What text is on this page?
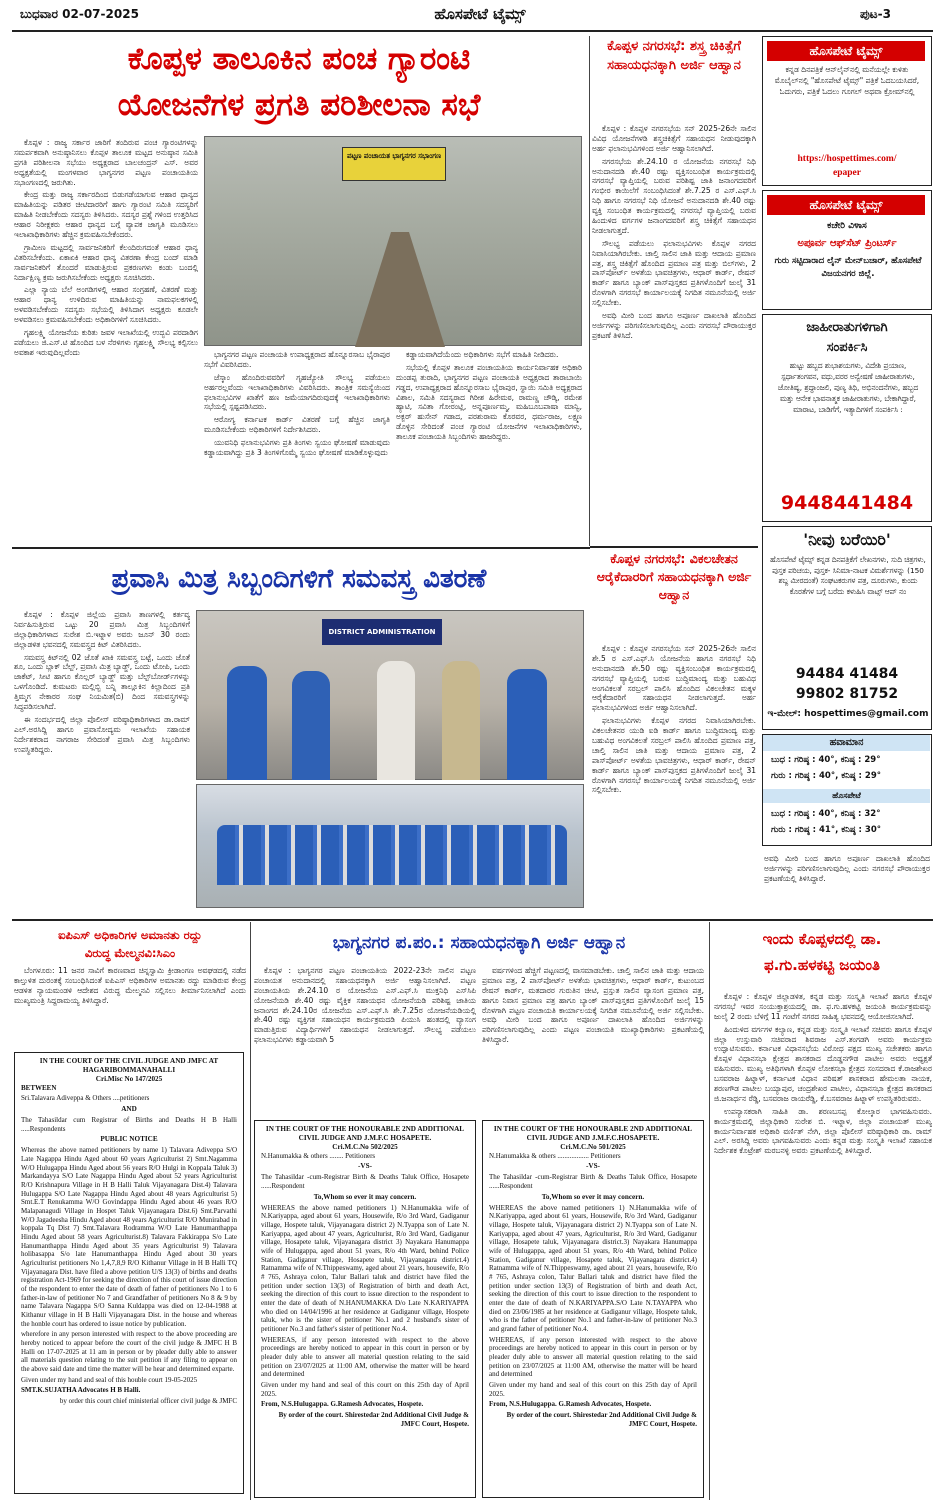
ಬುಧವಾರ 02-07-2025	ಹೊಸಪೇಟೆ ಟೈಮ್ಸ್	ಪುಟ-3
ಕೊಪ್ಪಳ ತಾಲೂಕಿನ ಪಂಚ ಗ್ಯಾರಂಟಿ
ಯೋಜನೆಗಳ ಪ್ರಗತಿ ಪರಿಶೀಲನಾ ಸಭೆ

ಕೊಪ್ಪಳ : ರಾಜ್ಯ ಸರ್ಕಾರ ಜಾರಿಗೆ ತಂದಿರುವ ಪಂಚ ಗ್ಯಾರಂಟಿಗಳನ್ನು ಸಮರ್ಪಕವಾಗಿ ಅನುಷ್ಠಾನಿಸಲು ಕೊಪ್ಪಳ ತಾಲೂಕ ಮಟ್ಟದ ಅನುಷ್ಠಾನ ಸಮಿತಿ ಪ್ರಗತಿ ಪರಿಶೀಲನಾ ಸಭೆಯು ಅಧ್ಯಕ್ಷರಾದ ಬಾಲಚಂದ್ರನ್ ಎಸ್. ಅವರ ಅಧ್ಯಕ್ಷತೆಯಲ್ಲಿ ಮಂಗಳವಾರ ಭಾಗ್ಯನಗರ ಪಟ್ಟಣ ಪಂಚಾಯತಿಯ ಸಭಾಂಗಣದಲ್ಲಿ ಜರುಗಿತು.

ಕೇಂದ್ರ ಮತ್ತು ರಾಜ್ಯ ಸರ್ಕಾರದಿಂದ ಬಿಡುಗಡೆಯಾಗುವ ಆಹಾರ ಧಾನ್ಯದ ಮಾಹಿತಿಯನ್ನು ಪಡಿತರ ಚೀಟಿದಾರರಿಗೆ ಹಾಗು ಗ್ಯಾರಂಟಿ ಸಮಿತಿ ಸದಸ್ಯರಿಗೆ ಮಾಹಿತಿ ನೀಡಬೇಕೆಂದು ಸದಸ್ಯರು ತಿಳಿಸಿದರು. ಸದಸ್ಯರ ಪ್ರಶ್ನೆ ಗಳಿಂದ ಉತ್ತರಿಸಿದ ಆಹಾರ ನಿರೀಕ್ಷಕರು ಆಹಾರ ಧಾನ್ಯದ ಬಗ್ಗೆ ವ್ಯಾಪಕ ಜಾಗೃತಿ ಮೂಡಿಸಲು ಇಲಾಖಾಧಿಕಾರಿಗಳು ಹೆಚ್ಚಿನ ಕ್ರಮವಹಿಸಬೇಕೆಂದರು.

ಗ್ರಾಮೀಣ ಮಟ್ಟದಲ್ಲಿ ಸಾರ್ವಜನಿಕರಿಗೆ ಕೆಲಂದಿರುಗದಂತೆ ಆಹಾರ ಧಾನ್ಯ ವಿತರಿಸಬೇಕೆಂದು. ಏಕಾಏಕಿ ಆಹಾರ ಧಾನ್ಯ ವಿತರಣಾ ಕೇಂದ್ರ ಬಂದ್ ಮಾಡಿ ಸಾರ್ವಜನಿಕರಿಗೆ ತೊಂದರೆ ಮಾಡುತ್ತಿರುವ ಪ್ರಕರಣಗಳು ಕಂಡು ಬಂದಲ್ಲಿ ನಿರ್ದಾಕ್ಷಿಣ್ಯ ಕ್ರಮ ಜರುಗಿಸಬೇಕೆಂದು ಅಧ್ಯಕ್ಷರು ಸೂಚಿಸಿದರು.

ಎಲ್ಲಾ ನ್ಯಾಯ ಬೆಲೆ ಅಂಗಡಿಗಳಲ್ಲಿ ಆಹಾರ ಸಂಗ್ರಹಣೆ, ವಿತರಣೆ ಮತ್ತು ಆಹಾರ ಧಾನ್ಯ ಉಳಿದಿರುವ ಮಾಹಿತಿಯನ್ನು ನಾಮಫಲಕಗಳಲ್ಲಿ ಅಳವಡಿಸಬೇಕೆಂದು ಸದಸ್ಯರು ಸಭೆಯಲ್ಲಿ ತಿಳಿಸಿದಾಗ ಅಧ್ಯಕ್ಷರು ಕೂಡಲೇ ಅಳವಡಿಸಲು ಕ್ರಮವಹಿಸಬೇಕೆಂದು ಅಧಿಕಾರಿಗಳಿಗೆ ಸೂಚಿಸಿದರು.

ಗೃಹಲಕ್ಷ್ಮಿ ಯೋಜನೆಯ ಕುರಿತು ಜವಳ ಇಲಾಖೆಯಲ್ಲಿ ಉದ್ಭವಿ ಪರದಾಡಿಗ ಪಡೆಯಲು ಜಿ.ಎಸ್.ಟಿ ಹೊಂದಿದ ಬಳ ನೆರಳಿಗಳು ಗೃಹಲಕ್ಷ್ಮಿ ಸೌಲಭ್ಯ ಕಲ್ಪಿಸಲು ಅವಕಾಶ ಇರುವುದಿಲ್ಲವೆಂದು

ಪಟ್ಟಣ ಪಂಚಾಯತ ಭಾಗ್ಯನಗರ ಸಭಾಂಗಣ

ಭಾಗ್ಯನಗರ ಪಟ್ಟಣ ಪಂಚಾಯತಿ ಉಪಾಧ್ಯಕ್ಷರಾದ ಹೊನ್ನೂರಸಾಬ ಭೈರಾಪುರ ಸಭೆಗೆ ವಿವರಿಸಿದರು.

ಜೆಸ್ಕಾಂ ಹೊಂದಿರುವವರಿಗೆ ಗೃಹಜ್ಯೋತಿ ಸೌಲಭ್ಯ ಪಡೆಯಲು ಅರ್ಹರಲ್ಲವೆಂದು ಇಲಾಖಾಧಿಕಾರಿಗಳು ವಿವರಿಸಿದರು. ತಾಂತ್ರಿಕ ಸಮಸ್ಯೆಯಿಂದ ಫಲಾನುಭವಿಗಳ ಖಾತೆಗೆ ಹಣ ಜಮೆಯಾಗದಿರುವುದಕ್ಕೆ ಇಲಾಖಾಧಿಕಾರಿಗಳು ಸಭೆಯಲ್ಲಿ ಸ್ಪಷ್ಟಪಡಿಸಿದರು.

ಆರೋಗ್ಯ ಕರ್ನಾಟಕ ಕಾರ್ಡ್ ವಿತರಣೆ ಬಗ್ಗೆ ಹೆಚ್ಚಿನ ಜಾಗೃತಿ ಮೂಡಿಸಬೇಕೆಂದು ಅಧಿಕಾರಿಗಳಿಗೆ ನಿರ್ದೇಶಿಸಿದರು.

ಯುವನಿಧಿ ಫಲಾನುಭವಿಗಳು ಪ್ರತಿ ತಿಂಗಳು ಸ್ವಯಂ ಘೋಷಣೆ ಮಾಡುವುದು ಕಡ್ಡಾಯವಾಗಿದ್ದು ಪ್ರತಿ 3 ತಿಂಗಳಿಗೊಮ್ಮೆ ಸ್ವಯಂ ಘೋಷಣೆ ಮಾಡಿಕೊಳ್ಳುವುದು

ಕಡ್ಡಾಯವಾಗಿದೆಯೆಂದು ಅಧಿಕಾರಿಗಳು ಸಭೆಗೆ ಮಾಹಿತಿ ನೀಡಿದರು.

ಸಭೆಯಲ್ಲಿ ಕೊಪ್ಪಳ ತಾಲೂಕ ಪಂಚಾಯತಿಯ ಕಾರ್ಯನಿರ್ವಾಹಕ ಅಧಿಕಾರಿ ದುಂಡಪ್ಪ ತುರಾದಿ, ಭಾಗ್ಯನಗರ ಪಟ್ಟಣ ಪಂಚಾಯತಿ ಅಧ್ಯಕ್ಷರಾದ ತಾರಾಬಾಯಿ ಗಡ್ಡದ, ಉಪಾಧ್ಯಕ್ಷರಾದ ಹೊನ್ನೂರಸಾಬ ಭೈರಾಪುರ, ಸ್ಥಾಯಿ ಸಮಿತಿ ಅಧ್ಯಕ್ಷರಾದ ವಿಶಾಲ, ಸಮಿತಿ ಸದಸ್ಯರಾದ ಗಿರೀಶ ಹಿರೇಮಠ, ರಾಮಣ್ಣ ಚೌಡ್ಕಿ, ರಮೇಶ ಹ್ಯಾಟಿ, ಸವಿತಾ ಗೋರಂಟ್ಲಿ, ಅನ್ನಪೂರ್ಣಮ್ಮ, ಮಹಿಬೂಬಪಾಷಾ ಮಾನ್ವಿ, ಅಕ್ಬರ್ ಹುಸೇನ್ ಗಡಾದ, ಪರಶುರಾಮ ಕೊರವರ, ಧರ್ಮರಾಜ, ಲಕ್ಷ್ಮಣ ಡೊಳ್ಳಿನ ಸೇರಿದಂತೆ ಪಂಚ ಗ್ಯಾರಂಟಿ ಯೋಜನೆಗಳ ಇಲಾಖಾಧಿಕಾರಿಗಳು, ತಾಲೂಕ ಪಂಚಾಯತಿ ಸಿಬ್ಬಂದಿಗಳು ಹಾಜರಿದ್ದರು.

ಕೊಪ್ಪಳ ನಗರಸಭೆ: ಶಸ್ತ್ರ ಚಿಕಿತ್ಸೆಗೆ ಸಹಾಯಧನಕ್ಕಾಗಿ ಅರ್ಜಿ ಆಹ್ವಾನ

ಕೊಪ್ಪಳ : ಕೊಪ್ಪಳ ನಗರಸಭೆಯ ಸನ್ 2025-26ನೇ ಸಾಲಿನ ವಿವಿಧ ಯೋಜನೆಗಳಡಿ ಶಸ್ತ್ರಚಿಕಿತ್ಸೆಗೆ ಸಹಾಯಧನ ನೀಡುವುದಕ್ಕಾಗಿ ಅರ್ಹ ಫಲಾನುಭವಿಗಳಿಂದ ಅರ್ಜಿ ಆಹ್ವಾನಿಸಲಾಗಿದೆ.

ನಗರಸಭೆಯ ಶೇ.24.10 ರ ಯೋಜನೆಯ ನಗರಸಭೆ ನಿಧಿ ಅನುದಾನದಡಿ ಶೇ.40 ರಷ್ಟು ವ್ಯಕ್ತಿಸಂಬಂಧಿತ ಕಾರ್ಯಕ್ರಮದಲ್ಲಿ ನಗರಸಭೆ ವ್ಯಾಪ್ತಿಯಲ್ಲಿ ಬರುವ ಪರಿಶಿಷ್ಟ ಜಾತಿ ಜನಾಂಗದವರಿಗೆ ಗಂಭೀರ ಕಾಯಿಲೆಗೆ ಸಂಬಂಧಿಸಿದಂತೆ ಶೇ.7.25 ರ ಎಸ್.ಎಫ್.ಸಿ ನಿಧಿ ಹಾಗೂ ನಗರಸಭೆ ನಿಧಿ ಯೋಜನೆ ಅನುದಾನದಡಿ ಶೇ.40 ರಷ್ಟು ವ್ಯಕ್ತಿ ಸಂಬಂಧಿತ ಕಾರ್ಯಕ್ರಮದಲ್ಲಿ ನಗರಸಭೆ ವ್ಯಾಪ್ತಿಯಲ್ಲಿ ಬರುವ ಹಿಂದುಳಿದ ವರ್ಗಗಳ ಜನಾಂಗದವರಿಗೆ ಶಸ್ತ್ರ ಚಿಕಿತ್ಸೆಗೆ ಸಹಾಯಧನ ನೀಡಲಾಗುತ್ತದೆ.

ಸೌಲಭ್ಯ ಪಡೆಯಲು ಫಲಾನುಭವಿಗಳು ಕೊಪ್ಪಳ ನಗರದ ನಿವಾಸಿಯಾಗಿರಬೇಕು. ಚಾಲ್ತಿ ಸಾಲಿನ ಜಾತಿ ಮತ್ತು ಆದಾಯ ಪ್ರಮಾಣ ಪತ್ರ, ಶಸ್ತ್ರ ಚಿಕಿತ್ಸೆಗೆ ಹೊಂದಿದ ಪ್ರಮಾಣ ಪತ್ರ ಮತ್ತು ಬಿಲ್‌ಗಳು, 2 ಪಾಸ್‌ಪೋರ್ಟ್ ಅಳತೆಯ ಭಾವಚಿತ್ರಗಳು, ಆಧಾರ್ ಕಾರ್ಡ್, ರೇಷನ್ ಕಾರ್ಡ್ ಹಾಗೂ ಬ್ಯಾಂಕ್ ಪಾಸ್‌ಪುಸ್ತಕದ ಪ್ರತಿಗಳೊಂದಿಗೆ ಜುಲೈ 31 ರೊಳಗಾಗಿ ನಗರಸಭೆ ಕಾರ್ಯಾಲಯಕ್ಕೆ ನಿಗದಿತ ನಮೂನೆಯಲ್ಲಿ ಅರ್ಜಿ ಸಲ್ಲಿಸಬೇಕು.

ಅವಧಿ ಮೀರಿ ಬಂದ ಹಾಗೂ ಅಪೂರ್ಣ ದಾಖಲಾತಿ ಹೊಂದಿದ ಅರ್ಜಿಗಳನ್ನು ಪರಿಗಣಿಸಲಾಗುವುದಿಲ್ಲ ಎಂದು ನಗರಸಭೆ ಪೌರಾಯುಕ್ತರ ಪ್ರಕಟಣೆ ತಿಳಿಸಿದೆ.

ಹೊಸಪೇಟೆ ಟೈಮ್ಸ್
ಕನ್ನಡ ದಿನಪತ್ರಿಕೆ ಆನ್‌ಲೈನ್‌ನಲ್ಲಿ ಮನೆಯಲ್ಲೇ ಕುಳಿತು ಮೊಬೈಲ್‌ನಲ್ಲಿ "ಹೊಸಪೇಟೆ ಟೈಮ್ಸ್" ಪತ್ರಿಕೆ ಓದಬಯಸಿದರೆ, ಓದುಗರು, ಪತ್ರಿಕೆ ಓದಲು ಗೂಗಲ್ ಅಥವಾ ಕ್ರೋಮ್‌ನಲ್ಲಿ
https://hospettimes.com/
epaper
ಹೊಸಪೇಟೆ ಟೈಮ್ಸ್
ಕಚೇರಿ ವಿಳಾಸ
ಅಪೂರ್ವ ಆಫ್‌ಸೆಟ್ ಪ್ರಿಂಟರ್ಸ್
ಗುರು ಸಟ್ಟಿದಾರಾದ ಲೈನ್ ಮೇನ್‌ಬಜಾರ್, ಹೊಸಪೇಟೆ ವಿಜಯನಗರ ಜಿಲ್ಲೆ.
ಜಾಹೀರಾತುಗಳಿಗಾಗಿ
ಸಂಪರ್ಕಿಸಿ
ಹುಟ್ಟು ಹಬ್ಬದ ಶುಭಾಶಯಗಳು, ವಿದೇಶಿ ಪ್ರಯಾಣ, ಸ್ಪರ್ಧಾತಂಗವನ, ವಧು,ವರರ ಅನ್ವೇಷಣೆ ಜಾಹೀರಾತುಗಳು, ಜೋತಿಷ್ಯ, ಶ್ರದ್ಧಾಂಜಲಿ, ಪುಣ್ಯ ತಿಥಿ, ಅಭಿನಂದನೆಗಳು, ಹಬ್ಬದ ಮತ್ತು ಆನೇಕ ಭಾವನಾತ್ಮಕ ಜಾಹೀರಾತುಗಳು, ಬೇಕಾಗಿದ್ದಾರೆ, ಮಾರಾಟ, ಬಾಡಿಗೆಗೆ, ಇತ್ಯಾದಿಗಳಿಗೆ ಸಂಪರ್ಕಿಸಿ :
9448441484
'ನೀವು ಬರೆಯಿರಿ'
ಹೊಸಪೇಟೆ ಟೈಮ್ಸ್ ಕನ್ನಡ ದಿನಪತ್ರಿಕೆಗೆ ಲೇಖನಗಳು, ಸುದಿ ಚಿತ್ರಗಳು, ಪುಸ್ತಕ ಪರಿಚಯ, ಪುಸ್ತಕ- ಸಿನಿಮಾ-ನಾಟಕ ವಿಮರ್ಶೆಗಳನ್ನು (150 ಶಬ್ದ ಮೀರದಂತೆ) ಸಂಘಟಕರುಗಳ ಪತ್ರ, ದೂರುಗಳು, ಕುಂದು ಕೊರತೆಗಳ ಬಗ್ಗೆ ಬರೆದು ಕಳುಹಿಸಿ ವಾಟ್ಸ್ ಆಪ್ ನಂ
94484 41484
99802 81752
ಇ-ಮೇಲ್: hospettimes@gmail.com
ಹವಾಮಾನ
ಬುಧ : ಗರಿಷ್ಠ : 40°, ಕನಿಷ್ಠ : 29°
ಗುರು : ಗರಿಷ್ಠ : 40°, ಕನಿಷ್ಠ : 29°
ಹೊಸಪೇಟೆ
ಬುಧ : ಗರಿಷ್ಠ : 40°, ಕನಿಷ್ಠ : 32°
ಗುರು : ಗರಿಷ್ಠ : 41°, ಕನಿಷ್ಠ : 30°
ಅವಧಿ ಮೀರಿ ಬಂದ ಹಾಗೂ ಅಪೂರ್ಣ ದಾಖಲಾತಿ ಹೊಂದಿದ ಅರ್ಜಿಗಳನ್ನು ಪರಿಗಣಿಸಲಾಗುವುದಿಲ್ಲ ಎಂದು ನಗರಸಭೆ ಪೌರಾಯುಕ್ತರ ಪ್ರಕಟಣೆಯಲ್ಲಿ ತಿಳಿಸಿದ್ದಾರೆ.
ಕೊಪ್ಪಳ ನಗರಸಭೆ: ವಿಕಲಚೇತನ ಆರೈಕೆದಾರರಿಗೆ ಸಹಾಯಧನಕ್ಕಾಗಿ ಅರ್ಜಿ ಆಹ್ವಾನ

ಕೊಪ್ಪಳ : ಕೊಪ್ಪಳ ನಗರಸಭೆಯ ಸನ್ 2025-26ನೇ ಸಾಲಿನ ಶೇ.5 ರ ಎಸ್.ಎಫ್.ಸಿ ಯೋಜನೆಯ ಹಾಗೂ ನಗರಸಭೆ ನಿಧಿ ಅನುದಾನದಡಿ ಶೇ.50 ರಷ್ಟು ವ್ಯಕ್ತಿಸಂಬಂಧಿತ ಕಾರ್ಯಕ್ರಮದಲ್ಲಿ ನಗರಸಭೆ ವ್ಯಾಪ್ತಿಯಲ್ಲಿ ಬರುವ ಬುದ್ಧಿಮಾಂದ್ಯ ಮತ್ತು ಬಹುವಿಧ ಅಂಗವಿಕಲತೆ ಸರಬ್ರಲ್ ಪಾಲಿಸಿ ಹೊಂದಿದ ವಿಕಲಚೇತನ ಮಕ್ಕಳ ಆರೈಕೆದಾರರಿಗೆ ಸಹಾಯಧನ ನೀಡಲಾಗುತ್ತದೆ. ಅರ್ಹ ಫಲಾನುಭವಿಗಳಿಂದ ಅರ್ಜಿ ಆಹ್ವಾನಿಸಲಾಗಿದೆ.

ಫಲಾನುಭವಿಗಳು ಕೊಪ್ಪಳ ನಗರದ ನಿವಾಸಿಯಾಗಿರಬೇಕು. ವಿಕಲಚೇತನರ ಯುಡಿ ಐಡಿ ಕಾರ್ಡ್ ಹಾಗೂ ಬುದ್ಧಿಮಾಂದ್ಯ ಮತ್ತು ಬಹುವಿಧ ಅಂಗವಿಕಲತೆ ಸರಬ್ರಲ್ ಪಾಲಿಸಿ ಹೊಂದಿದ ಪ್ರಮಾಣ ಪತ್ರ, ಚಾಲ್ತಿ ಸಾಲಿನ ಜಾತಿ ಮತ್ತು ಆದಾಯ ಪ್ರಮಾಣ ಪತ್ರ, 2 ಪಾಸ್‌ಪೋರ್ಟ್ ಅಳತೆಯ ಭಾವಚಿತ್ರಗಳು, ಆಧಾರ್ ಕಾರ್ಡ್, ರೇಷನ್ ಕಾರ್ಡ್ ಹಾಗೂ ಬ್ಯಾಂಕ್ ಪಾಸ್‌ಪುಸ್ತಕದ ಪ್ರತಿಗಳೊಂದಿಗೆ ಜುಲೈ 31 ರೊಳಗಾಗಿ ನಗರಸಭೆ ಕಾರ್ಯಾಲಯಕ್ಕೆ ನಿಗದಿತ ನಮೂನೆಯಲ್ಲಿ ಅರ್ಜಿ ಸಲ್ಲಿಸಬೇಕು.

ಪ್ರವಾಸಿ ಮಿತ್ರ ಸಿಬ್ಬಂದಿಗಳಿಗೆ ಸಮವಸ್ತ್ರ ವಿತರಣೆ

ಕೊಪ್ಪಳ : ಕೊಪ್ಪಳ ಜಿಲ್ಲೆಯ ಪ್ರವಾಸಿ ತಾಣಗಳಲ್ಲಿ ಕರ್ತವ್ಯ ನಿರ್ವಹಿಸುತ್ತಿರುವ ಒಟ್ಟು 20 ಪ್ರವಾಸಿ ಮಿತ್ರ ಸಿಬ್ಬಂದಿಗಳಿಗೆ ಜಿಲ್ಲಾಧಿಕಾರಿಗಳಾದ ಸುರೇಶ ಬಿ.ಇಟ್ನಾಳ ಅವರು ಜೂನ್ 30 ರಂದು ಜಿಲ್ಲಾಡಳಿತ ಭವನದಲ್ಲಿ ಸಮವಸ್ತ್ರದ ಕಿಟ್ ವಿತರಿಸಿದರು.

ಸಮವಸ್ತ್ರ ಕಿಟ್‌ನಲ್ಲಿ 02 ಜೊತೆ ಖಾಕಿ ಸಮವಸ್ತ್ರ ಬಟ್ಟೆ, ಒಂದು ಜೊತೆ ಶೂ, ಒಂದು ಬ್ಲಾಕ್ ಬೆಲ್ಟ್, ಪ್ರವಾಸಿ ಮಿತ್ರ ಬ್ಯಾಡ್ಜ್, ಒಂದು ಟೋಪಿ, ಒಂದು ಜಾಕೆಟ್, ಸೀಟಿ ಹಾಗೂ ಕೊಲ್ಲರ್ ಬ್ಯಾಡ್ಜ್ ಮತ್ತು ಬೆಲ್ಟ್‌ಬೋರ್ಡ್‌ಗಳನ್ನು ಒಳಗೊಂಡಿದೆ. ಕುಮಟರು ಮಲ್ಲಿಬ್ಬಿ ಬನ್ನಿ ತಾಲ್ಲೂಕಿನ ಕಿಲ್ಲಾದಿಂದ ಪ್ರತಿ ತ್ತಿಮ್ಮಗ ನೇಕಾರರ ಸಂಘ ನಿಯಮಿತ(ಬಿ) ದಿಂದ ಸಮವಸ್ತ್ರಗಳನ್ನು ಸಿದ್ಧಪಡಿಸಲಾಗಿದೆ.

ಈ ಸಂದರ್ಭದಲ್ಲಿ ಜಿಲ್ಲಾ ಪೊಲೀಸ್ ವರಿಷ್ಠಾಧಿಕಾರಿಗಳಾದ ಡಾ.ರಾಮ್ ಎಲ್.ಅರಸಿದ್ದಿ ಹಾಗೂ ಪ್ರವಾಸೋದ್ಯಮ ಇಲಾಖೆಯ ಸಹಾಯಕ ನಿರ್ದೇಶಕರಾದ ನಾಗರಾಜ ಸೇರಿದಂತೆ ಪ್ರವಾಸಿ ಮಿತ್ರ ಸಿಬ್ಬಂದಿಗಳು ಉಪಸ್ಥಿತರಿದ್ದರು.

DISTRICT ADMINISTRATION
ಐಪಿಎಸ್ ಅಧಿಕಾರಿಗಳ ಅಮಾನತು ರದ್ದು
ವಿರುದ್ಧ ಮೇಲ್ಮನವಿ:ಸಿಎಂ
ಬೆಂಗಳೂರು: 11 ಜನರ ಸಾವಿಗೆ ಕಾರಣವಾದ ಚಿನ್ನಸ್ವಾಮಿ ಕ್ರೀಡಾಂಗಣ ಅವಘಡದಲ್ಲಿ ನಡೆದ ಕಾಲ್ತುಳಿತ ದುರಂತಕ್ಕೆ ಸಂಬಂಧಿಸಿದಂತೆ ಐಪಿಎಸ್ ಅಧಿಕಾರಿಗಳ ಅಮಾನತು ರದ್ದು ಮಾಡಿರುವ ಕೇಂದ್ರ ಆಡಳಿತ ನ್ಯಾಯಮಂಡಳಿ ಆದೇಶದ ವಿರುದ್ಧ ಮೇಲ್ಮನವಿ ಸಲ್ಲಿಸಲು ತೀರ್ಮಾನಿಸಲಾಗಿದೆ ಎಂದು ಮುಖ್ಯಮಂತ್ರಿ ಸಿದ್ದರಾಮಯ್ಯ ತಿಳಿಸಿದ್ದಾರೆ.
IN THE COURT OF THE CIVIL JUDGE AND JMFC AT HAGARIBOMMANAHALLI
Cri.Misc No 147/2025

BETWEEN

Sri.Talavara Adiveppa & Others ....petitioners

AND

The Tahasildar cum Registrar of Births and Deaths H B Halli .....Respondents

PUBLIC NOTICE

Whereas the above named petitioners by name 1) Talavara Adiveppa S/O Late Nagappa Hindu Aged about 60 years Agriculturist 2) Smt.Nagamma W/O Hulugappa Hindu Aged about 56 years R/O Hulgi in Koppala Taluk 3) Markandayya S/O Late Nagappa Hindu Aged about 52 years Agriculturist R/O Krishnapura Village in H B Halli Taluk Vijayanagara Dist.4) Talavara Hulugappa S/O Late Nagappa Hindu Aged about 48 years Agriculturist 5) Smt.E.T Renukamma W/O Govindappa Hindu Aged about 46 years R/O Malapanagudi Village in Hospet Taluk Vijayanagara Dist.6) Smt.Parvathi W/O Jagadeesha Hindu Aged about 48 years Agriculturist R/O Munirabad in koppala Tq Dist 7) Smt.Talavara Rodramma W/O Late Hanumanthappa Hindu Aged about 58 years Agriculturist.8) Talavara Fakkirappa S/o Late Hanumanthappa Hindu Aged about 35 years Agriculturist 9) Talavara holibasappa S/o late Hanumanthappa Hindu Aged about 30 years Agriculturist petitioners No 1,4,7,8,9 R/O Kithanur Village in H B Halli TQ Vijayanagara Dist. have filed a above petition U/S 13(3) of births and deaths registration Act-1969 for seeking the direction of this court of issue direction of the respondent to enter the date of death of father of petitioners No 1 to 6 father-in-law of petitioner No 7 and Grandfather of petitioners No 8 & 9 by name Talavara Nagappa S/O Sanna Kuldappa was died on 12-04-1988 at Kithanur village in H B Halli Vijayanagara Dist. in the house and whereas the honble court has ordered to issue notice by publication.

wherefore in any person interested with respect to the above proceeding are hereby noticed to appear before the court of the civil judge & JMFC H B Halli on 17-07-2025 at 11 am in person or by pleader dully able to answer all materials question relating to the suit petition if any filing to appear on the above said date and time the matter will be hear and determined exparte.

Given under my hand and seal of this houble court 19-05-2025

SMT.K.SUJATHA Advocates H B Halli.

by order this court chief ministerial officer civil judge & JMFC

ಭಾಗ್ಯನಗರ ಪ.ಪಂ.: ಸಹಾಯಧನಕ್ಕಾಗಿ ಅರ್ಜಿ ಆಹ್ವಾನ
ಕೊಪ್ಪಳ : ಭಾಗ್ಯನಗರ ಪಟ್ಟಣ ಪಂಚಾಯತಿಯ 2022-23ನೇ ಸಾಲಿನ ಪಟ್ಟಣ ಪಂಚಾಯತ ಅನುದಾನದಲ್ಲಿ ಸಹಾಯಧನಕ್ಕಾಗಿ ಅರ್ಜಿ ಆಹ್ವಾನಿಸಲಾಗಿದೆ. ಪಟ್ಟಣ ಪಂಚಾಯತಿಯ ಶೇ.24.10 ರ ಯೋಜನೆಯ ಎಸ್.ಎಫ್.ಸಿ ಮುಕ್ತನಿಧಿ ಎಸ್‌ಸಿಪಿ ಯೋಜನೆಯಡಿ ಶೇ.40 ರಷ್ಟು ವೈಕ್ತಿಕ ಸಹಾಯಧನ ಯೋಜನೆಯಡಿ ಪರಿಶಿಷ್ಟ ಜಾತಿಯ ಜನಾಂಗದ ಶೇ.24.10ರ ಯೋಜನೆಯ ಎಸ್.ಎಫ್.ಸಿ ಶೇ.7.25ರ ಯೋಜನೆಯಡಿಯಲ್ಲಿ ಶೇ.40 ರಷ್ಟು ವ್ಯಕ್ತಿಗತ ಸಹಾಯಧನ ಕಾರ್ಯಕ್ರಮದಡಿ ಪಿಯುಸಿ ಹಂತದಲ್ಲಿ ವ್ಯಾಸಂಗ ಮಾಡುತ್ತಿರುವ ವಿದ್ಯಾರ್ಥಿಗಳಿಗೆ ಸಹಾಯಧನ ನೀಡಲಾಗುತ್ತದೆ. ಸೌಲಭ್ಯ ಪಡೆಯಲು ಫಲಾನುಭವಿಗಳು ಕಡ್ಡಾಯವಾಗಿ 5
ವರ್ಷಗಳಿಂದ ಹೆಚ್ಚಿಗೆ ಪಟ್ಟಣದಲ್ಲಿ ವಾಸಮಾಡಬೇಕು. ಚಾಲ್ತಿ ಸಾಲಿನ ಜಾತಿ ಮತ್ತು ಆದಾಯ ಪ್ರಮಾಣ ಪತ್ರ, 2 ಪಾಸ್‌ಪೋರ್ಟ್ ಅಳತೆಯ ಭಾವಚಿತ್ರಗಳು, ಆಧಾರ್ ಕಾರ್ಡ್, ಕುಟುಂಬದ ರೇಷನ್ ಕಾರ್ಡ್, ಮತದಾರರ ಗುರುತಿನ ಚೀಟಿ, ಪ್ರಸ್ತುತ ಸಾಲಿನ ವ್ಯಾಸಂಗ ಪ್ರಮಾಣ ಪತ್ರ, ಹಾಗೂ ನಿವಾಸ ಪ್ರಮಾಣ ಪತ್ರ ಹಾಗೂ ಬ್ಯಾಂಕ್ ಪಾಸ್‌ಪುಸ್ತಕದ ಪ್ರತಿಗಳೊಂದಿಗೆ ಜುಲೈ 15 ರೊಳಗಾಗಿ ಪಟ್ಟಣ ಪಂಚಾಯತಿ ಕಾರ್ಯಾಲಯಕ್ಕೆ ನಿಗದಿತ ನಮೂನೆಯಲ್ಲಿ ಅರ್ಜಿ ಸಲ್ಲಿಸಬೇಕು. ಅವಧಿ ಮೀರಿ ಬಂದ ಹಾಗೂ ಅಪೂರ್ಣ ದಾಖಲಾತಿ ಹೊಂದಿದ ಅರ್ಜಿಗಳನ್ನು ಪರಿಗಣಿಸಲಾಗುವುದಿಲ್ಲ ಎಂದು ಪಟ್ಟಣ ಪಂಚಾಯತಿ ಮುಖ್ಯಾಧಿಕಾರಿಗಳು ಪ್ರಕಟಣೆಯಲ್ಲಿ ತಿಳಿಸಿದ್ದಾರೆ.
IN THE COURT OF THE HONOURABLE 2ND ADDITIONAL CIVIL JUDGE AND J.M.F.C HOSAPETE.
Cri.M.C.No 502/2025

N.Hanumakka & others ........ Petitioners

-VS-

The Tahasildar -cum-Registrar Birth & Deaths Taluk Office, Hosapete ......Respondent

To,Whom so ever it may concern.

WHEREAS the above named petitioners 1) N.Hanumakka wife of N.Kariyappa, aged about 61 years, Housewife, R/o 3rd Ward, Gadiganur village, Hospete taluk, Vijayanagara district 2) N.Tyappa son of Late N. Kariyappa, aged about 47 years, Agriculturist, R/o 3rd Ward, Gadiganur village, Hosapete taluk, Vijayanagara district 3) Nayakara Hanumappa wife of Hulugappa, aged about 51 years, R/o 4th Ward, behind Police Station, Gadiganur village, Hosapete taluk, Vijayanagara district.4) Ratnamma wife of N.Thippeswamy, aged about 21 years, housewife, R/o # 765, Ashraya colon, Talur Ballari taluk and district have filed the petition under section 13(3) of Registration of birth and death Act, seeking the direction of this court to issue direction to the respondent to enter the date of death of N.HANUMAKKA D/o Late N.KARIYAPPA who died on 14/04/1996 at her residence at Gadiganur village, Hospete taluk, who is the sister of petitioner No.1 and 2 husband's sister of petitioner No.3 and father's sister of petitioner No.4.

WHEREAS, if any person interested with respect to the above proceedings are hereby noticed to appear in this court in person or by pleader duly able to answer all material question relating to the said petition on 23/07/2025 at 11:00 AM, otherwise the matter will be heard and determined

Given under my hand and seal of this court on this 25th day of April 2025.

From, N.S.Hulugappa. G.Ramesh Advocates, Hospete.

By order of the court. Shirestedar 2nd Additional Civil Judge & JMFC Court, Hospete.

IN THE COURT OF THE HONOURABLE 2ND ADDITIONAL CIVIL JUDGE AND J.M.F.C.HOSAPETE.
Cri.M.C.No 501/2025

N.Hanumakka & others .................. Petitioners

-VS-

The Tahasildar -cum-Registrar Birth & Deaths Taluk Office, Hosapete ......Respondent

To,Whom so ever it may concern.

WHEREAS the above named petitioners 1) N.Hanumakka wife of N.Kariyappa, aged about 61 years, Housewife, R/o 3rd Ward, Gadiganur village, Hospete taluk, Vijayanagara district 2) N.Tyappa son of Late N. Kariyappa, aged about 47 years, Agriculturist, R/o 3rd Ward, Gadiganur village, Hosapete taluk, Vijayanagara district.3) Nayakara Hanumappa wife of Hulugappa, aged about 51 years, R/o 4th Ward, behind Police Station, Gadiganur village, Hosapete taluk, Vijayanagara district.4) Ratnamma wife of N.Thippeswamy, aged about 21 years, housewife, R/o # 765, Ashraya colon, Talur Ballari taluk and district have filed the petition under section 13(3) of Registration of birth and death Act, seeking the direction of this court to issue direction to the respondent to enter the date of death of N.KARIYAPPA.S/O Late N.TAYAPPA who died on 23/06/1985 at her residence at Gadiganur village, Hospete taluk, who is the father of petitioner No.1 and father-in-law of petitioner No.3 and grand father of petitioner No.4.

WHEREAS, if any person interested with respect to the above proceedings are hereby noticed to appear in this court in person or by pleader duly able to answer all material question relating to the said petition on 23/07/2025 at 11:00 AM, otherwise the matter will be heard and determined

Given under my hand and seal of this court on this 25th day of April 2025.

From, N.S.Hulugappa. G.Ramesh Advocates, Hospete.

By order of the court. Shirestedar 2nd Additional Civil Judge & JMFC Court, Hospete.

ಇಂದು ಕೊಪ್ಪಳದಲ್ಲಿ ಡಾ.
ಫ.ಗು.ಹಳಕಟ್ಟಿ ಜಯಂತಿ

ಕೊಪ್ಪಳ : ಕೊಪ್ಪಳ ಜಿಲ್ಲಾಡಳಿತ, ಕನ್ನಡ ಮತ್ತು ಸಂಸ್ಕೃತಿ ಇಲಾಖೆ ಹಾಗೂ ಕೊಪ್ಪಳ ನಗರಸಭೆ ಇವರ ಸಂಯುಕ್ತಾಶ್ರಯದಲ್ಲಿ ಡಾ. ಫ.ಗು.ಹಳಕಟ್ಟಿ ಜಯಂತಿ ಕಾರ್ಯಕ್ರಮವನ್ನು ಜುಲೈ 2 ರಂದು ಬೆಳಿಗ್ಗೆ 11 ಗಂಟೆಗೆ ನಗರದ ಸಾಹಿತ್ಯ ಭವನದಲ್ಲಿ ಆಯೋಜಿಸಲಾಗಿದೆ.

ಹಿಂದುಳಿದ ವರ್ಗಗಳ ಕಲ್ಯಾಣ, ಕನ್ನಡ ಮತ್ತು ಸಂಸ್ಕೃತಿ ಇಲಾಖೆ ಸಚಿವರು ಹಾಗೂ ಕೊಪ್ಪಳ ಜಿಲ್ಲಾ ಉಸ್ತುವಾರಿ ಸಚಿವರಾದ ಶಿವರಾಜ ಎಸ್.ತಂಗಡಗಿ ಅವರು ಕಾರ್ಯಕ್ರಮ ಉದ್ಘಾಟಿಸುವರು. ಕರ್ನಾಟಕ ವಿಧಾನಸಭೆಯ ವಿರೋಧ ಪಕ್ಷದ ಮುಖ್ಯ ಸಚೇತಕರು ಹಾಗೂ ಕೊಪ್ಪಳ ವಿಧಾನಸಭಾ ಕ್ಷೇತ್ರದ ಶಾಸಕರಾದ ದೊಡ್ಡನಗೌಡ ಪಾಟೀಲ ಅವರು ಅಧ್ಯಕ್ಷತೆ ವಹಿಸುವರು. ಮುಖ್ಯ ಅತಿಥಿಗಳಾಗಿ ಕೊಪ್ಪಳ ಲೋಕಸಭಾ ಕ್ಷೇತ್ರದ ಸಂಸದರಾದ ಕೆ.ರಾಜಶೇಖರ ಬಸವರಾಜ ಹಿಟ್ನಾಳ್, ಕರ್ನಾಟಕ ವಿಧಾನ ಪರಿಷತ್ ಶಾಸಕರಾದ ಹೇಮಲತಾ ನಾಯಕ, ಶರಣಗೌಡ ಪಾಟೀಲ ಬಯ್ಯಾಪುರ, ಚಂದ್ರಶೇಖರ ಪಾಟೀಲ, ವಿಧಾನಸಭಾ ಕ್ಷೇತ್ರದ ಶಾಸಕರಾದ ಜಿ.ಜನಾರ್ಧನ ರೆಡ್ಡಿ, ಬಸವರಾಜ ರಾಯರೆಡ್ಡಿ, ಕೆ.ಬಸವರಾಜ ಹಿಟ್ನಾಳ್ ಉಪಸ್ಥಿತರಿರುವರು.

ಉಪನ್ಯಾಸಕರಾಗಿ ಸಾಹಿತಿ ಡಾ. ಶರಣಬಸಪ್ಪ ಕೋಲ್ಕಾರ ಭಾಗವಹಿಸುವರು. ಕಾರ್ಯಕ್ರಮದಲ್ಲಿ ಜಿಲ್ಲಾಧಿಕಾರಿ ಸುರೇಶ ಬಿ. ಇಟ್ನಾಳ, ಜಿಲ್ಲಾ ಪಂಚಾಯತ್ ಮುಖ್ಯ ಕಾರ್ಯನಿರ್ವಾಹಕ ಅಧಿಕಾರಿ ವರ್ಣಿತ್ ನೇಗಿ, ಜಿಲ್ಲಾ ಪೊಲೀಸ್ ವರಿಷ್ಠಾಧಿಕಾರಿ ಡಾ. ರಾಮ್ ಎಲ್. ಅರಸಿದ್ದಿ ಅವರು ಭಾಗವಹಿಸುವರು ಎಂದು ಕನ್ನಡ ಮತ್ತು ಸಂಸ್ಕೃತಿ ಇಲಾಖೆ ಸಹಾಯಕ ನಿರ್ದೇಶಕ ಕೊಟ್ರೇಶ್ ಮರಬನಳ್ಳಿ ಅವರು ಪ್ರಕಟಣೆಯಲ್ಲಿ ತಿಳಿಸಿದ್ದಾರೆ.
